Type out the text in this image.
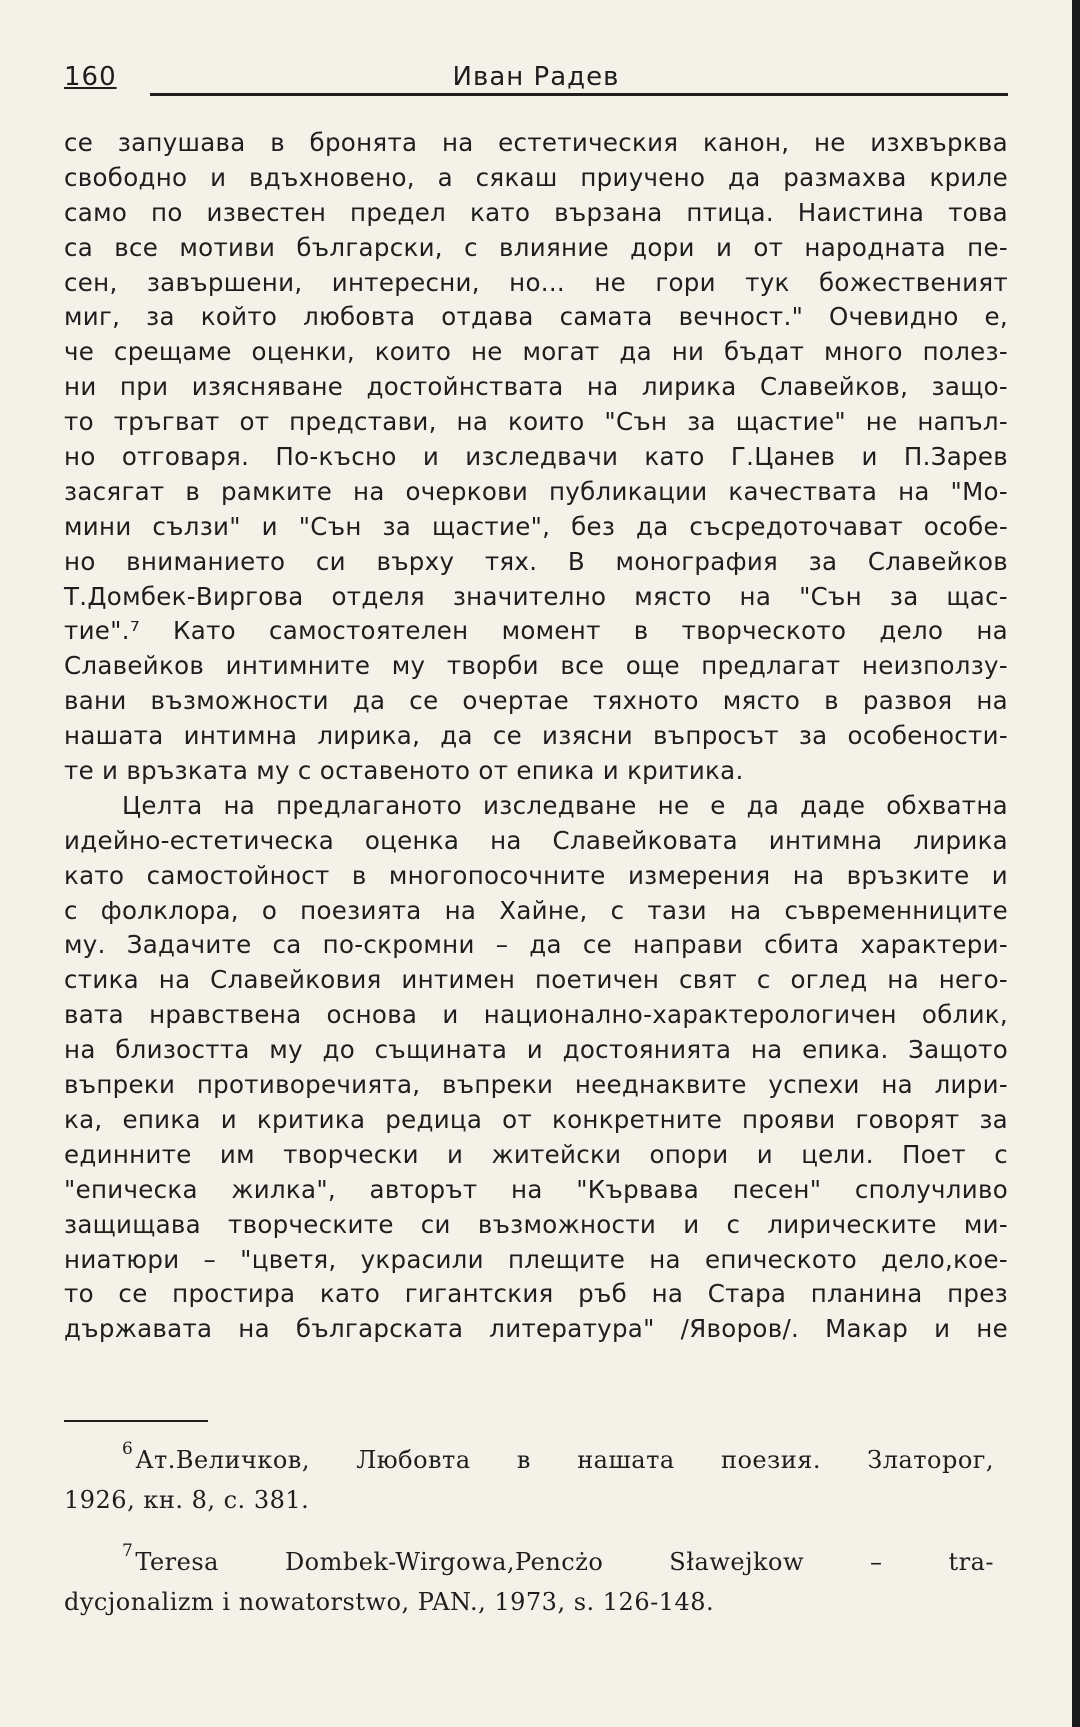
160	Иван Радев
се запушава в бронята на естетическия канон, не изхвърква
свободно и вдъхновено, а сякаш приучено да размахва криле
само по известен предел като вързана птица. Наистина това
са все мотиви български, с влияние дори и от народната пе-
сен, завършени, интересни, но... не гори тук божественият
миг, за който любовта отдава самата вечност." Очевидно е,
че срещаме оценки, които не могат да ни бъдат много полез-
ни при изясняване достойнствата на лирика Славейков, защо-
то тръгват от представи, на които "Сън за щастие" не напъл-
но отговаря. По-късно и изследвачи като Г.Цанев и П.Зарев
засягат в рамките на очеркови публикации качествата на "Мо-
мини сълзи" и "Сън за щастие", без да съсредоточават особе-
но вниманието си върху тях. В монография за Славейков
Т.Домбек-Виргова отделя значително място на "Сън за щас-
тие".⁷ Като самостоятелен момент в творческото дело на
Славейков интимните му творби все още предлагат неизползу-
вани възможности да се очертае тяхното място в развоя на
нашата интимна лирика, да се изясни въпросът за особености-
те и връзката му с оставеното от епика и критика.
Целта на предлаганото изследване не е да даде обхватна
идейно-естетическа оценка на Славейковата интимна лирика
като самостойност в многопосочните измерения на връзките и
с фолклора, о поезията на Хайне, с тази на съвременниците
му. Задачите са по-скромни – да се направи сбита характери-
стика на Славейковия интимен поетичен свят с оглед на него-
вата нравствена основа и национално-характерологичен облик,
на близостта му до същината и достоянията на епика. Защото
въпреки противоречията, въпреки нееднаквите успехи на лири-
ка, епика и критика редица от конкретните прояви говорят за
единните им творчески и житейски опори и цели. Поет с
"епическа жилка", авторът на "Кървава песен" сполучливо
защищава творческите си възможности и с лирическите ми-
ниатюри – "цветя, украсили плещите на епическото дело,кое-
то се простира като гигантския ръб на Стара планина през
държавата на българската литература" /Яворов/. Макар и не
$^6$Ат.Величков, Любовта в нашата поезия. Златорог,
1926, кн. 8, с. 381.
$^7$Teresa Dombek-Wirgowa,Pencżo Sławejkow – tra-
dycjonalizm i nowatorstwo, PAN., 1973, s. 126-148.
